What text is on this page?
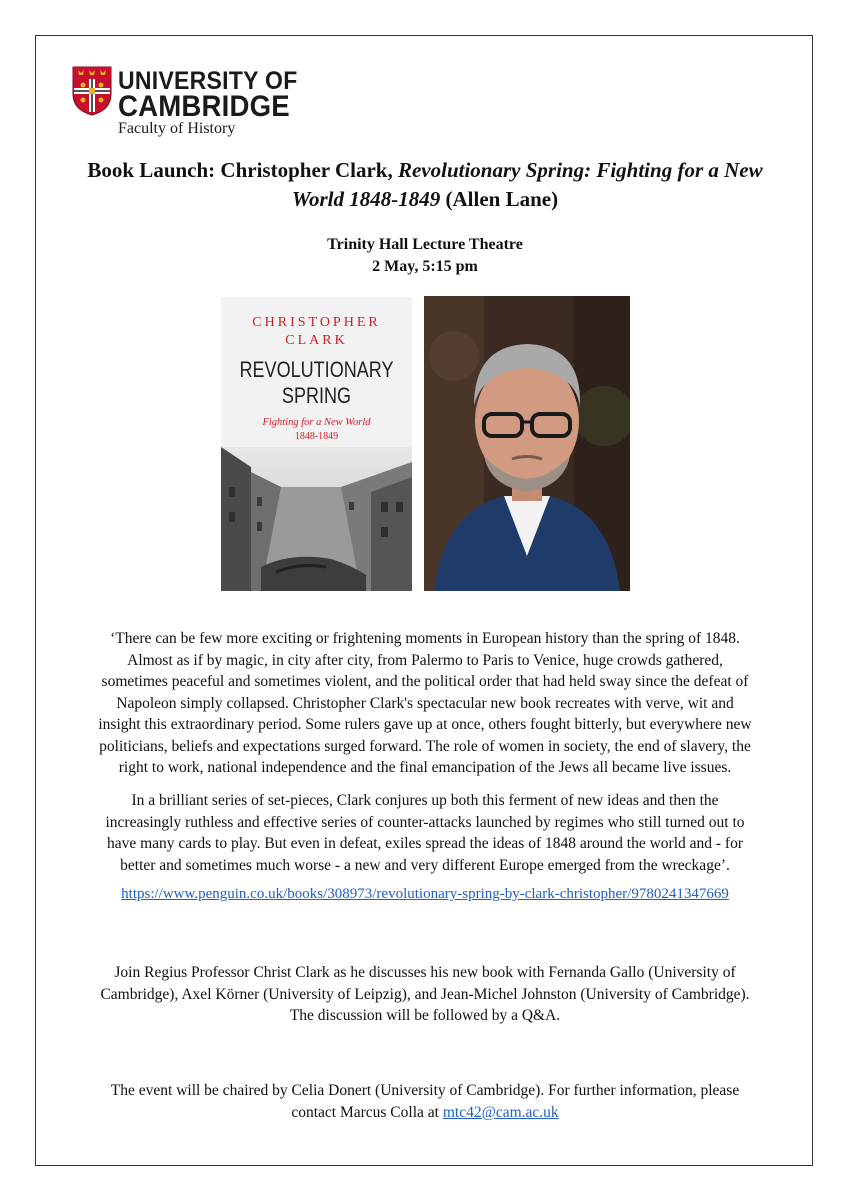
UNIVERSITY OF
CAMBRIDGE
Faculty of History
Book Launch: Christopher Clark, Revolutionary Spring: Fighting for a New World 1848-1849 (Allen Lane)
Trinity Hall Lecture Theatre
2 May, 5:15 pm
CHRISTOPHER
CLARK
REVOLUTIONARY
SPRING
Fighting for a New World
1848-1849

‘There can be few more exciting or frightening moments in European history than the spring of 1848. Almost as if by magic, in city after city, from Palermo to Paris to Venice, huge crowds gathered, sometimes peaceful and sometimes violent, and the political order that had held sway since the defeat of Napoleon simply collapsed. Christopher Clark's spectacular new book recreates with verve, wit and insight this extraordinary period. Some rulers gave up at once, others fought bitterly, but everywhere new politicians, beliefs and expectations surged forward. The role of women in society, the end of slavery, the right to work, national independence and the final emancipation of the Jews all became live issues.

In a brilliant series of set-pieces, Clark conjures up both this ferment of new ideas and then the increasingly ruthless and effective series of counter-attacks launched by regimes who still turned out to have many cards to play. But even in defeat, exiles spread the ideas of 1848 around the world and - for better and sometimes much worse - a new and very different Europe emerged from the wreckage’.

https://www.penguin.co.uk/books/308973/revolutionary-spring-by-clark-christopher/9780241347669

Join Regius Professor Christ Clark as he discusses his new book with Fernanda Gallo (University of Cambridge), Axel Körner (University of Leipzig), and Jean-Michel Johnston (University of Cambridge). The discussion will be followed by a Q&A.

The event will be chaired by Celia Donert (University of Cambridge). For further information, please contact Marcus Colla at mtc42@cam.ac.uk
